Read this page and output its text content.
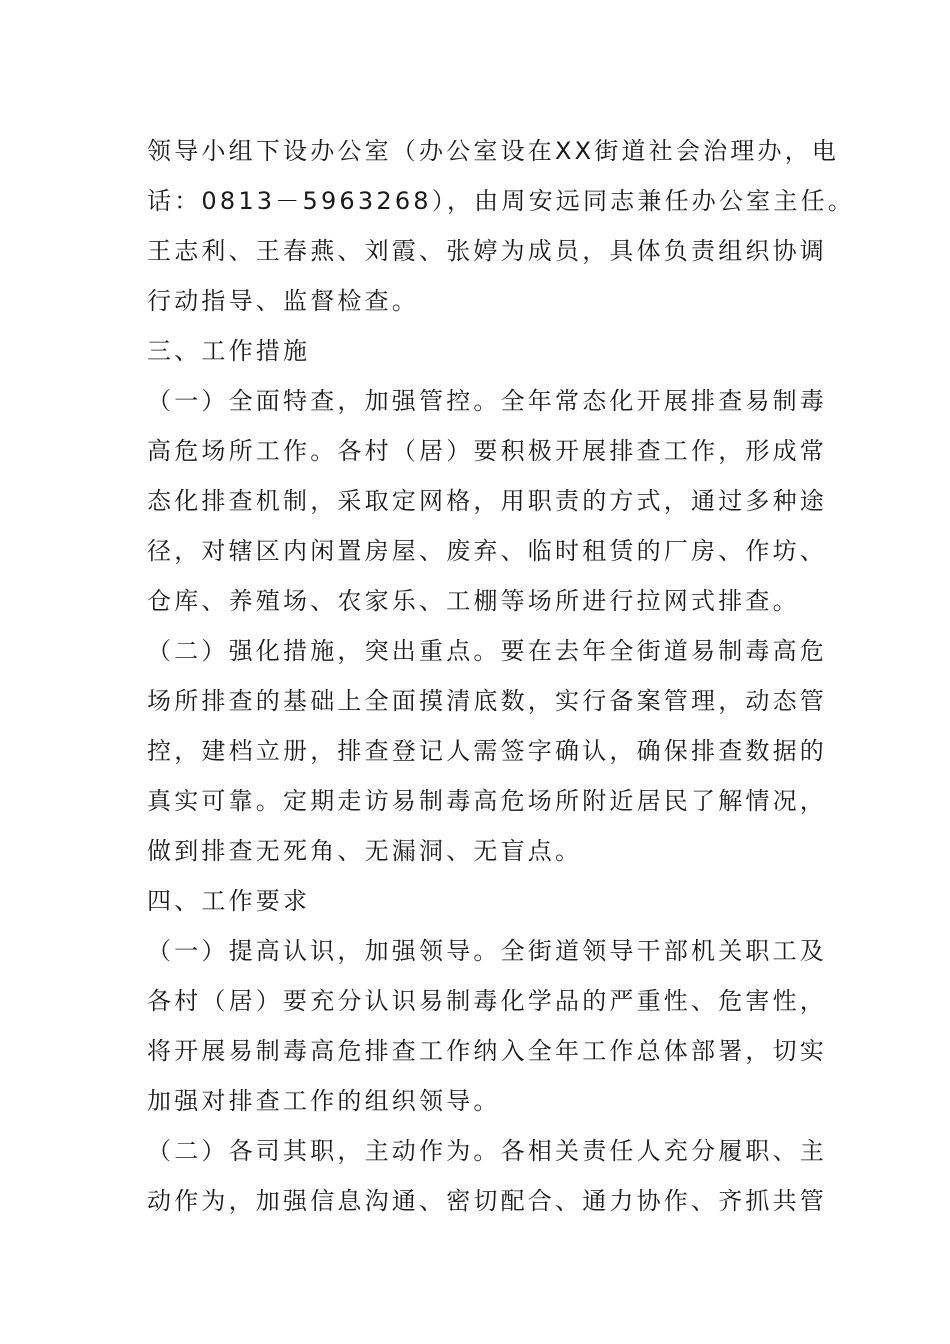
领导小组下设办公室（办公室设在XX街道社会治理办，电
话：0813－5963268），由周安远同志兼任办公室主任。
王志利、王春燕、刘霞、张婷为成员，具体负责组织协调
行动指导、监督检查。
三、工作措施
（一）全面特查，加强管控。全年常态化开展排查易制毒
高危场所工作。各村（居）要积极开展排查工作，形成常
态化排查机制，采取定网格，用职责的方式，通过多种途
径，对辖区内闲置房屋、废弃、临时租赁的厂房、作坊、
仓库、养殖场、农家乐、工棚等场所进行拉网式排查。
（二）强化措施，突出重点。要在去年全街道易制毒高危
场所排查的基础上全面摸清底数，实行备案管理，动态管
控，建档立册，排查登记人需签字确认，确保排查数据的
真实可靠。定期走访易制毒高危场所附近居民了解情况，
做到排查无死角、无漏洞、无盲点。
四、工作要求
（一）提高认识，加强领导。全街道领导干部机关职工及
各村（居）要充分认识易制毒化学品的严重性、危害性，
将开展易制毒高危排查工作纳入全年工作总体部署，切实
加强对排查工作的组织领导。
（二）各司其职，主动作为。各相关责任人充分履职、主
动作为，加强信息沟通、密切配合、通力协作、齐抓共管
